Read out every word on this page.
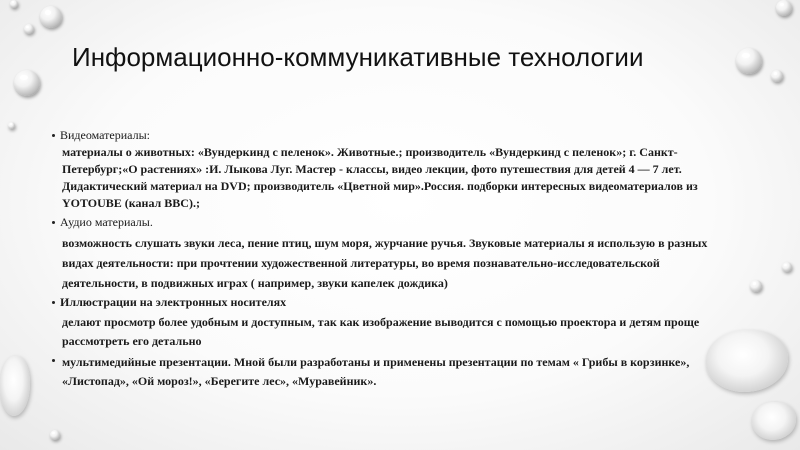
Информационно-коммуникативные технологии
Видеоматериалы:
материалы о животных: «Вундеркинд с пеленок». Животные.; производитель «Вундеркинд с пеленок»; г. Санкт-Петербург;«О растениях» :И. Лыкова Луг. Мастер - классы, видео лекции, фото путешествия для детей 4 — 7 лет. Дидактический материал на DVD; производитель «Цветной мир».Россия. подборки интересных видеоматериалов из YOTOUBE (канал BBC).;
Аудио материалы.
возможность слушать звуки леса, пение птиц, шум моря, журчание ручья. Звуковые материалы я использую в разных видах деятельности: при прочтении художественной литературы, во время познавательно-исследовательской деятельности, в подвижных играх ( например, звуки капелек дождика)
Иллюстрации на электронных носителях
делают просмотр более удобным и доступным, так как изображение выводится с помощью проектора и детям проще рассмотреть его детально
мультимедийные презентации. Мной были разработаны и применены презентации по темам « Грибы в корзинке», «Листопад», «Ой мороз!», «Берегите лес», «Муравейник».
